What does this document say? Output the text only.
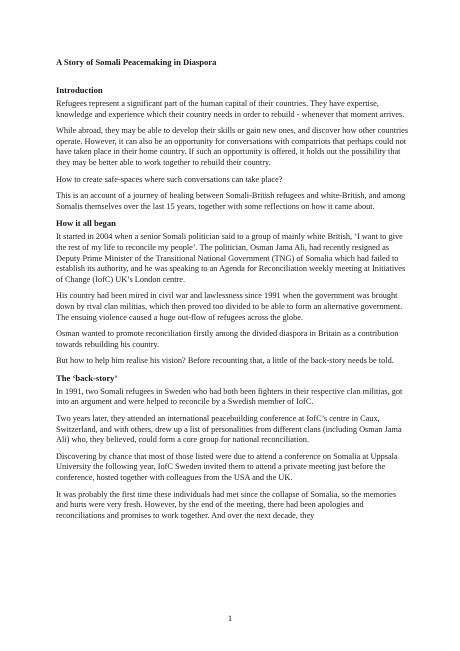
A Story of Somali Peacemaking in Diaspora
Introduction

Refugees represent a significant part of the human capital of their countries. They have expertise, knowledge and experience which their country needs in order to rebuild - whenever that moment arrives.

While abroad, they may be able to develop their skills or gain new ones, and discover how other countries operate. However, it can also be an opportunity for conversations with compatriots that perhaps could not have taken place in their home country. If such an opportunity is offered, it holds out the possibility that they may be better able to work together to rebuild their country.

How to create safe-spaces where such conversations can take place?

This is an account of a journey of healing between Somali-British refugees and white-British, and among Somalis themselves over the last 15 years, together with some reflections on how it came about.

How it all began

It started in 2004 when a senior Somali politician said to a group of mainly white British, ‘I want to give the rest of my life to reconcile my people’. The politician, Osman Jama Ali, had recently resigned as Deputy Prime Minister of the Transitional National Government (TNG) of Somalia which had failed to establish its authority, and he was speaking to an Agenda for Reconciliation weekly meeting at Initiatives of Change (IofC) UK’s London centre.

His country had been mired in civil war and lawlessness since 1991 when the government was brought down by rival clan militias, which then proved too divided to be able to form an alternative government. The ensuing violence caused a huge out-flow of refugees across the globe.

Osman wanted to promote reconciliation firstly among the divided diaspora in Britain as a contribution towards rebuilding his country.

But how to help him realise his vision? Before recounting that, a little of the back-story needs be told.

The ‘back-story’

In 1991, two Somali refugees in Sweden who had both been fighters in their respective clan militias, got into an argument and were helped to reconcile by a Swedish member of IofC.

Two years later, they attended an international peacebuilding conference at IofC’s centre in Caux, Switzerland, and with others, drew up a list of personalities from different clans (including Osman Jama Ali) who, they believed, could form a core group for national reconciliation.

Discovering by chance that most of those listed were due to attend a conference on Somalia at Uppsala University the following year, IofC Sweden invited them to attend a private meeting just before the conference, hosted together with colleagues from the USA and the UK.

It was probably the first time these individuals had met since the collapse of Somalia, so the memories and hurts were very fresh. However, by the end of the meeting, there had been apologies and reconciliations and promises to work together. And over the next decade, they

1
